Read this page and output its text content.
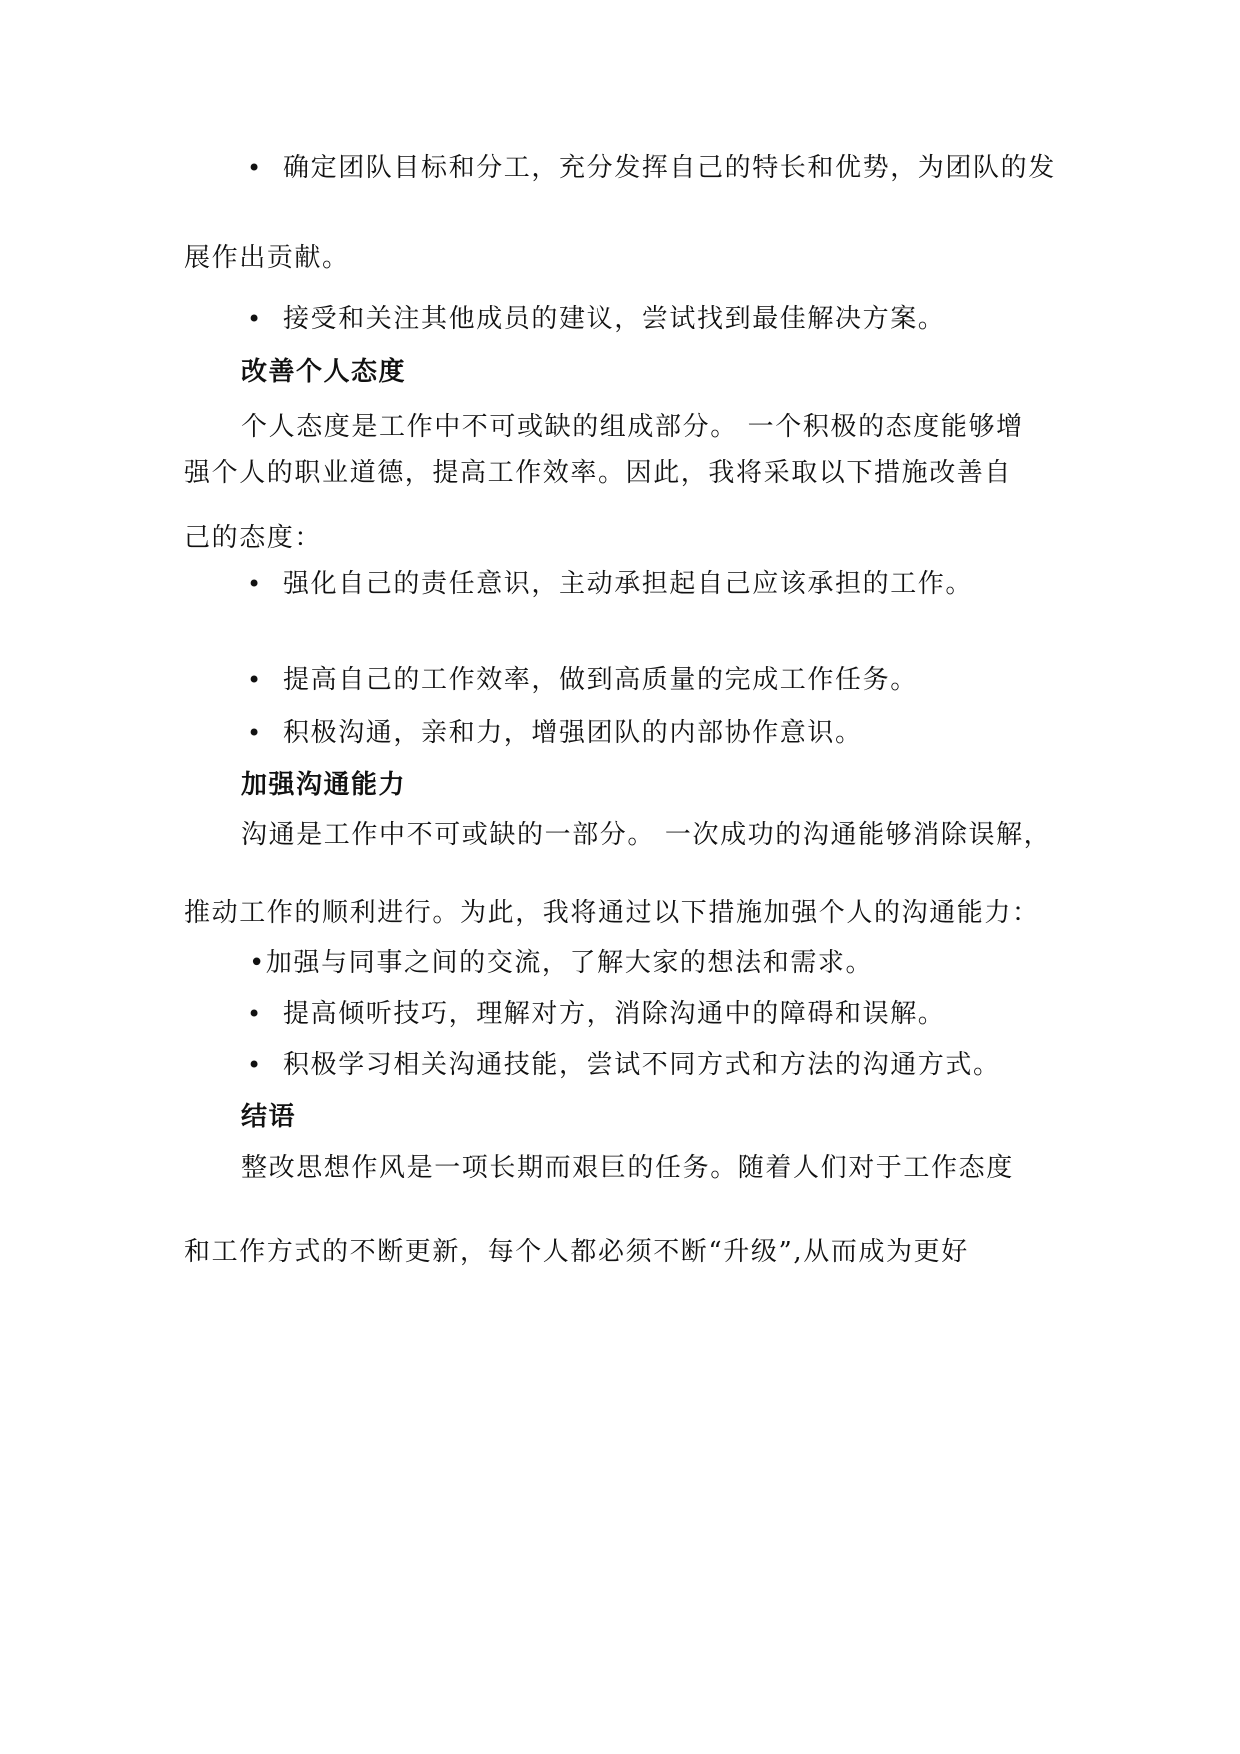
• 确定团队目标和分工，充分发挥自己的特长和优势，为团队的发
展作出贡献。
• 接受和关注其他成员的建议，尝试找到最佳解决方案。
改善个人态度
个人态度是工作中不可或缺的组成部分。 一个积极的态度能够增
强个人的职业道德，提高工作效率。因此，我将采取以下措施改善自
己的态度：
• 强化自己的责任意识，主动承担起自己应该承担的工作。
• 提高自己的工作效率，做到高质量的完成工作任务。
• 积极沟通，亲和力，增强团队的内部协作意识。
加强沟通能力
沟通是工作中不可或缺的一部分。 一次成功的沟通能够消除误解，
推动工作的顺利进行。为此，我将通过以下措施加强个人的沟通能力：
•加强与同事之间的交流，了解大家的想法和需求。
• 提高倾听技巧，理解对方，消除沟通中的障碍和误解。
• 积极学习相关沟通技能，尝试不同方式和方法的沟通方式。
结语
整改思想作风是一项长期而艰巨的任务。随着人们对于工作态度
和工作方式的不断更新，每个人都必须不断“升级”,从而成为更好
